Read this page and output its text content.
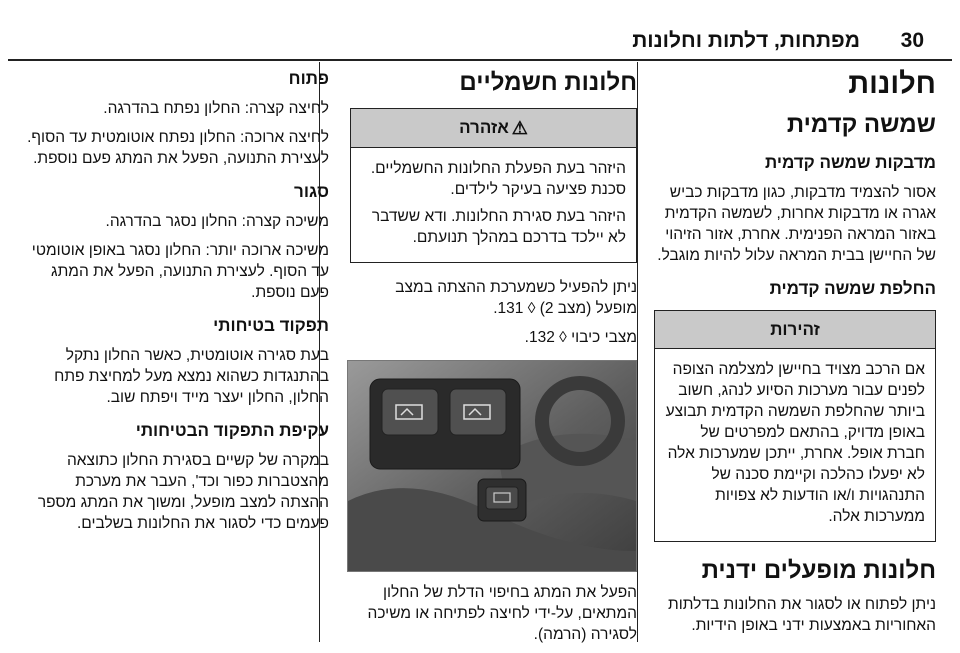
30
מפתחות, דלתות וחלונות
חלונות
שמשה קדמית
מדבקות שמשה קדמית

אסור להצמיד מדבקות, כגון מדבקות כביש אגרה או מדבקות אחרות, לשמשה הקדמית באזור המראה הפנימית. אחרת, אזור הזיהוי של החיישן בבית המראה עלול להיות מוגבל.

החלפת שמשה קדמית
זהירות

אם הרכב מצויד בחיישן למצלמה הצופה לפנים עבור מערכות הסיוע לנהג, חשוב ביותר שהחלפת השמשה הקדמית תבוצע באופן מדויק, בהתאם למפרטים של חברת אופל. אחרת, ייתכן שמערכות אלה לא יפעלו כהלכה וקיימת סכנה של התנהגויות ו/או הודעות לא צפויות ממערכות אלה.

חלונות מופעלים ידנית

ניתן לפתוח או לסגור את החלונות בדלתות האחוריות באמצעות ידני באופן הידיות.

חלונות חשמליים
⚠אזהרה

היזהר בעת הפעלת החלונות החשמליים. סכנת פציעה בעיקר לילדים.

היזהר בעת סגירת החלונות. ודא ששדבר לא יילכד בדרכם במהלך תנועתם.

ניתן להפעיל כשמערכת ההצתה במצב מופעל (מצב 2) ◊ 131.

מצבי כיבוי ◊ 132.

הפעל את המתג בחיפוי הדלת של החלון המתאים, על-ידי לחיצה לפתיחה או משיכה לסגירה (הרמה).

פתוח

לחיצה קצרה: החלון נפתח בהדרגה.

לחיצה ארוכה: החלון נפתח אוטומטית עד הסוף. לעצירת התנועה, הפעל את המתג פעם נוספת.

סגור

משיכה קצרה: החלון נסגר בהדרגה.

משיכה ארוכה יותר: החלון נסגר באופן אוטומטי עד הסוף. לעצירת התנועה, הפעל את המתג פעם נוספת.

תפקוד בטיחותי

בעת סגירה אוטומטית, כאשר החלון נתקל בהתנגדות כשהוא נמצא מעל למחיצת פתח החלון, החלון יעצר מייד ויפתח שוב.

עקיפת התפקוד הבטיחותי

במקרה של קשיים בסגירת החלון כתוצאה מהצטברות כפור וכד', העבר את מערכת ההצתה למצב מופעל, ומשוך את המתג מספר פעמים כדי לסגור את החלונות בשלבים.
